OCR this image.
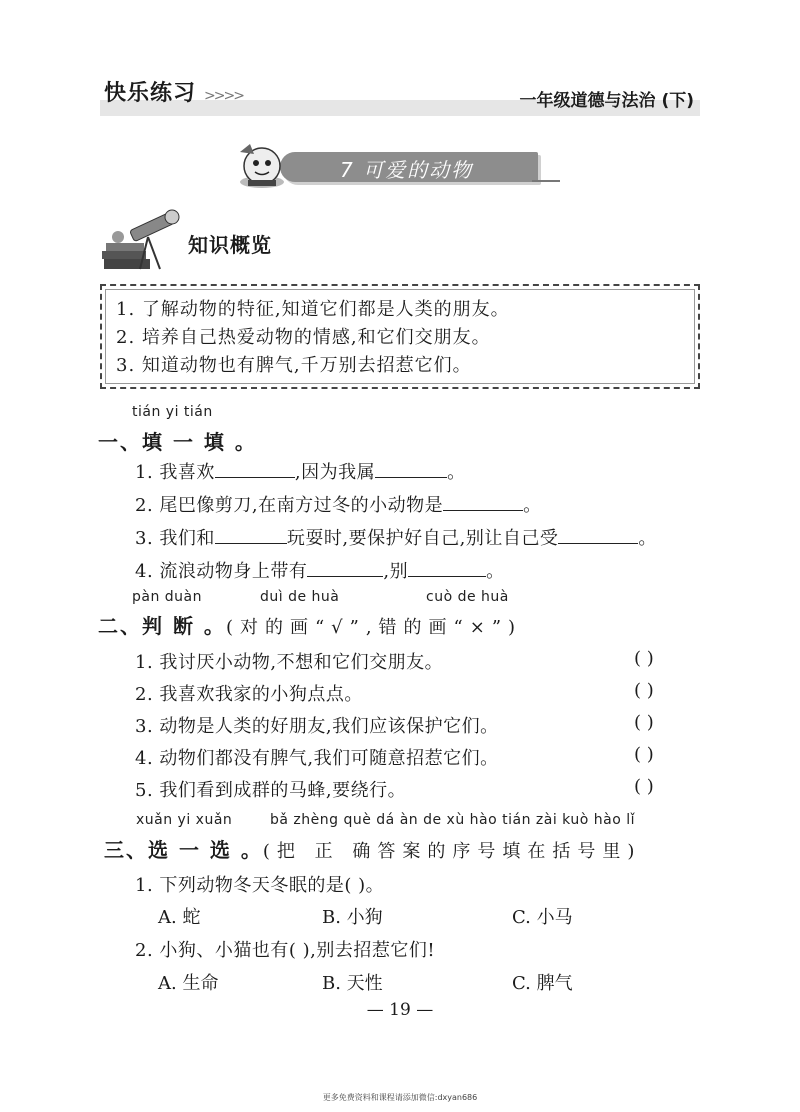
快乐练习 >>>>	一年级道德与法治 (下)
7 可爱的动物
知识概览
1. 了解动物的特征,知道它们都是人类的朋友。
2. 培养自己热爱动物的情感,和它们交朋友。
3. 知道动物也有脾气,千万别去招惹它们。
tián yi tián
一、填 一 填 。
1. 我喜欢	,因为我属	。
2. 尾巴像剪刀,在南方过冬的小动物是	。
3. 我们和	玩耍时,要保护好自己,别让自己受	。
4. 流浪动物身上带有	,别	。
pàn duàn	duì de huà	cuò de huà
二、判 断 。(对的画“√”,错的画“×”)
1. 我讨厌小动物,不想和它们交朋友。	( )
2. 我喜欢我家的小狗点点。	( )
3. 动物是人类的好朋友,我们应该保护它们。	( )
4. 动物们都没有脾气,我们可随意招惹它们。	( )
5. 我们看到成群的马蜂,要绕行。	( )
xuǎn yi xuǎn	bǎ zhèng què dá àn de xù hào tián zài kuò hào lǐ
三、选 一 选 。(把 正 确答案的序号填在括号里)
1. 下列动物冬天冬眠的是( )。
A. 蛇	B. 小狗	C. 小马
2. 小狗、小猫也有( ),别去招惹它们!
A. 生命	B. 天性	C. 脾气
— 19 —
更多免费资料和课程请添加微信:dxyan686
